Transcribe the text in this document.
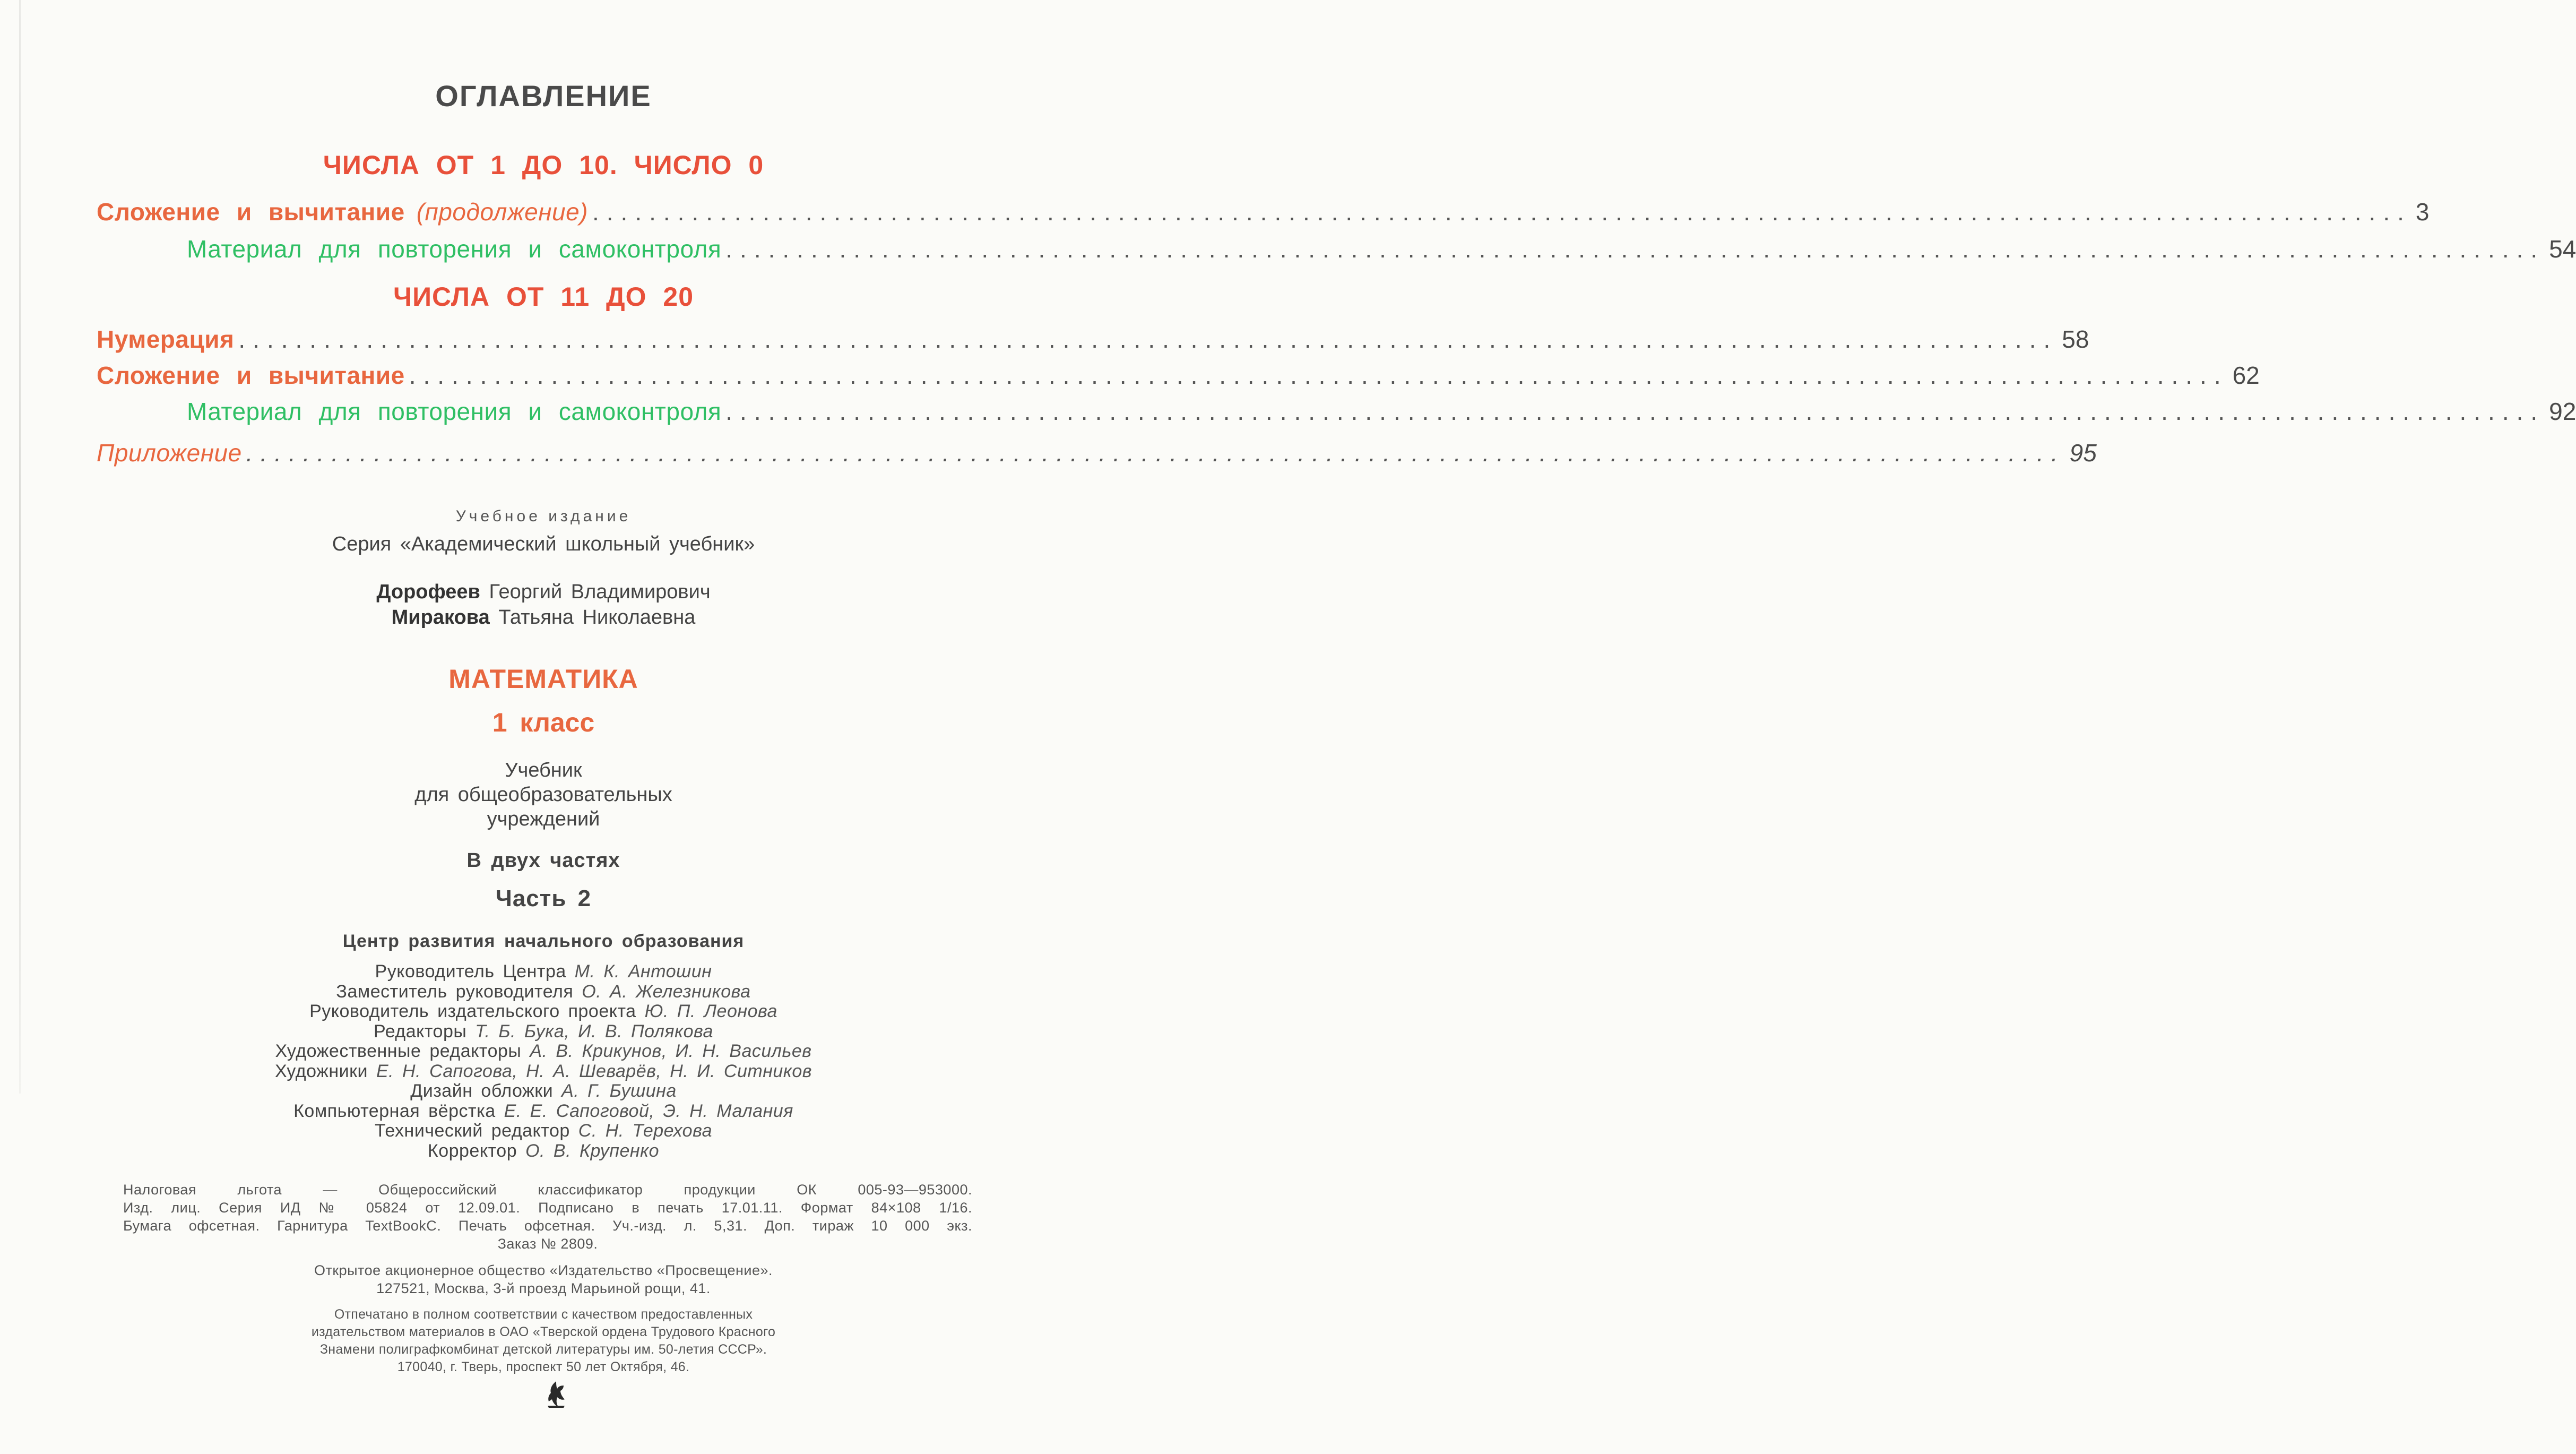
ОГЛАВЛЕНИЕ
ЧИСЛА ОТ 1 ДО 10. ЧИСЛО 0
Сложение и вычитание (продолжение) ................................................................................................................................ 3
Материал для повторения и самоконтроля ................................................................................................................................ 54
ЧИСЛА ОТ 11 ДО 20
Нумерация ................................................................................................................................ 58
Сложение и вычитание ................................................................................................................................ 62
Материал для повторения и самоконтроля ................................................................................................................................ 92
Приложение ................................................................................................................................ 95
Учебное издание
Серия «Академический школьный учебник»
Дорофеев Георгий Владимирович
Миракова Татьяна Николаевна
МАТЕМАТИКА
1 класс
Учебник
для общеобразовательных
учреждений
В двух частях
Часть 2
Центр развития начального образования
Руководитель Центра М. К. Антошин
Заместитель руководителя О. А. Железникова
Руководитель издательского проекта Ю. П. Леонова
Редакторы Т. Б. Бука, И. В. Полякова
Художественные редакторы А. В. Крикунов, И. Н. Васильев
Художники Е. Н. Сапогова, Н. А. Шеварёв, Н. И. Ситников
Дизайн обложки А. Г. Бушина
Компьютерная вёрстка Е. Е. Сапоговой, Э. Н. Малания
Технический редактор С. Н. Терехова
Корректор О. В. Крупенко
Налоговая льгота — Общероссийский классификатор продукции ОК 005-93—953000.
Изд. лиц. Серия ИД № 05824 от 12.09.01. Подписано в печать 17.01.11. Формат 84×108 1/16.
Бумага офсетная. Гарнитура TextBookC. Печать офсетная. Уч.-изд. л. 5,31. Доп. тираж 10 000 экз.
Заказ № 2809.
Открытое акционерное общество «Издательство «Просвещение».
127521, Москва, 3-й проезд Марьиной рощи, 41.
Отпечатано в полном соответствии с качеством предоставленных
издательством материалов в ОАО «Тверской ордена Трудового Красного
Знамени полиграфкомбинат детской литературы им. 50-летия СССР».
170040, г. Тверь, проспект 50 лет Октября, 46.
